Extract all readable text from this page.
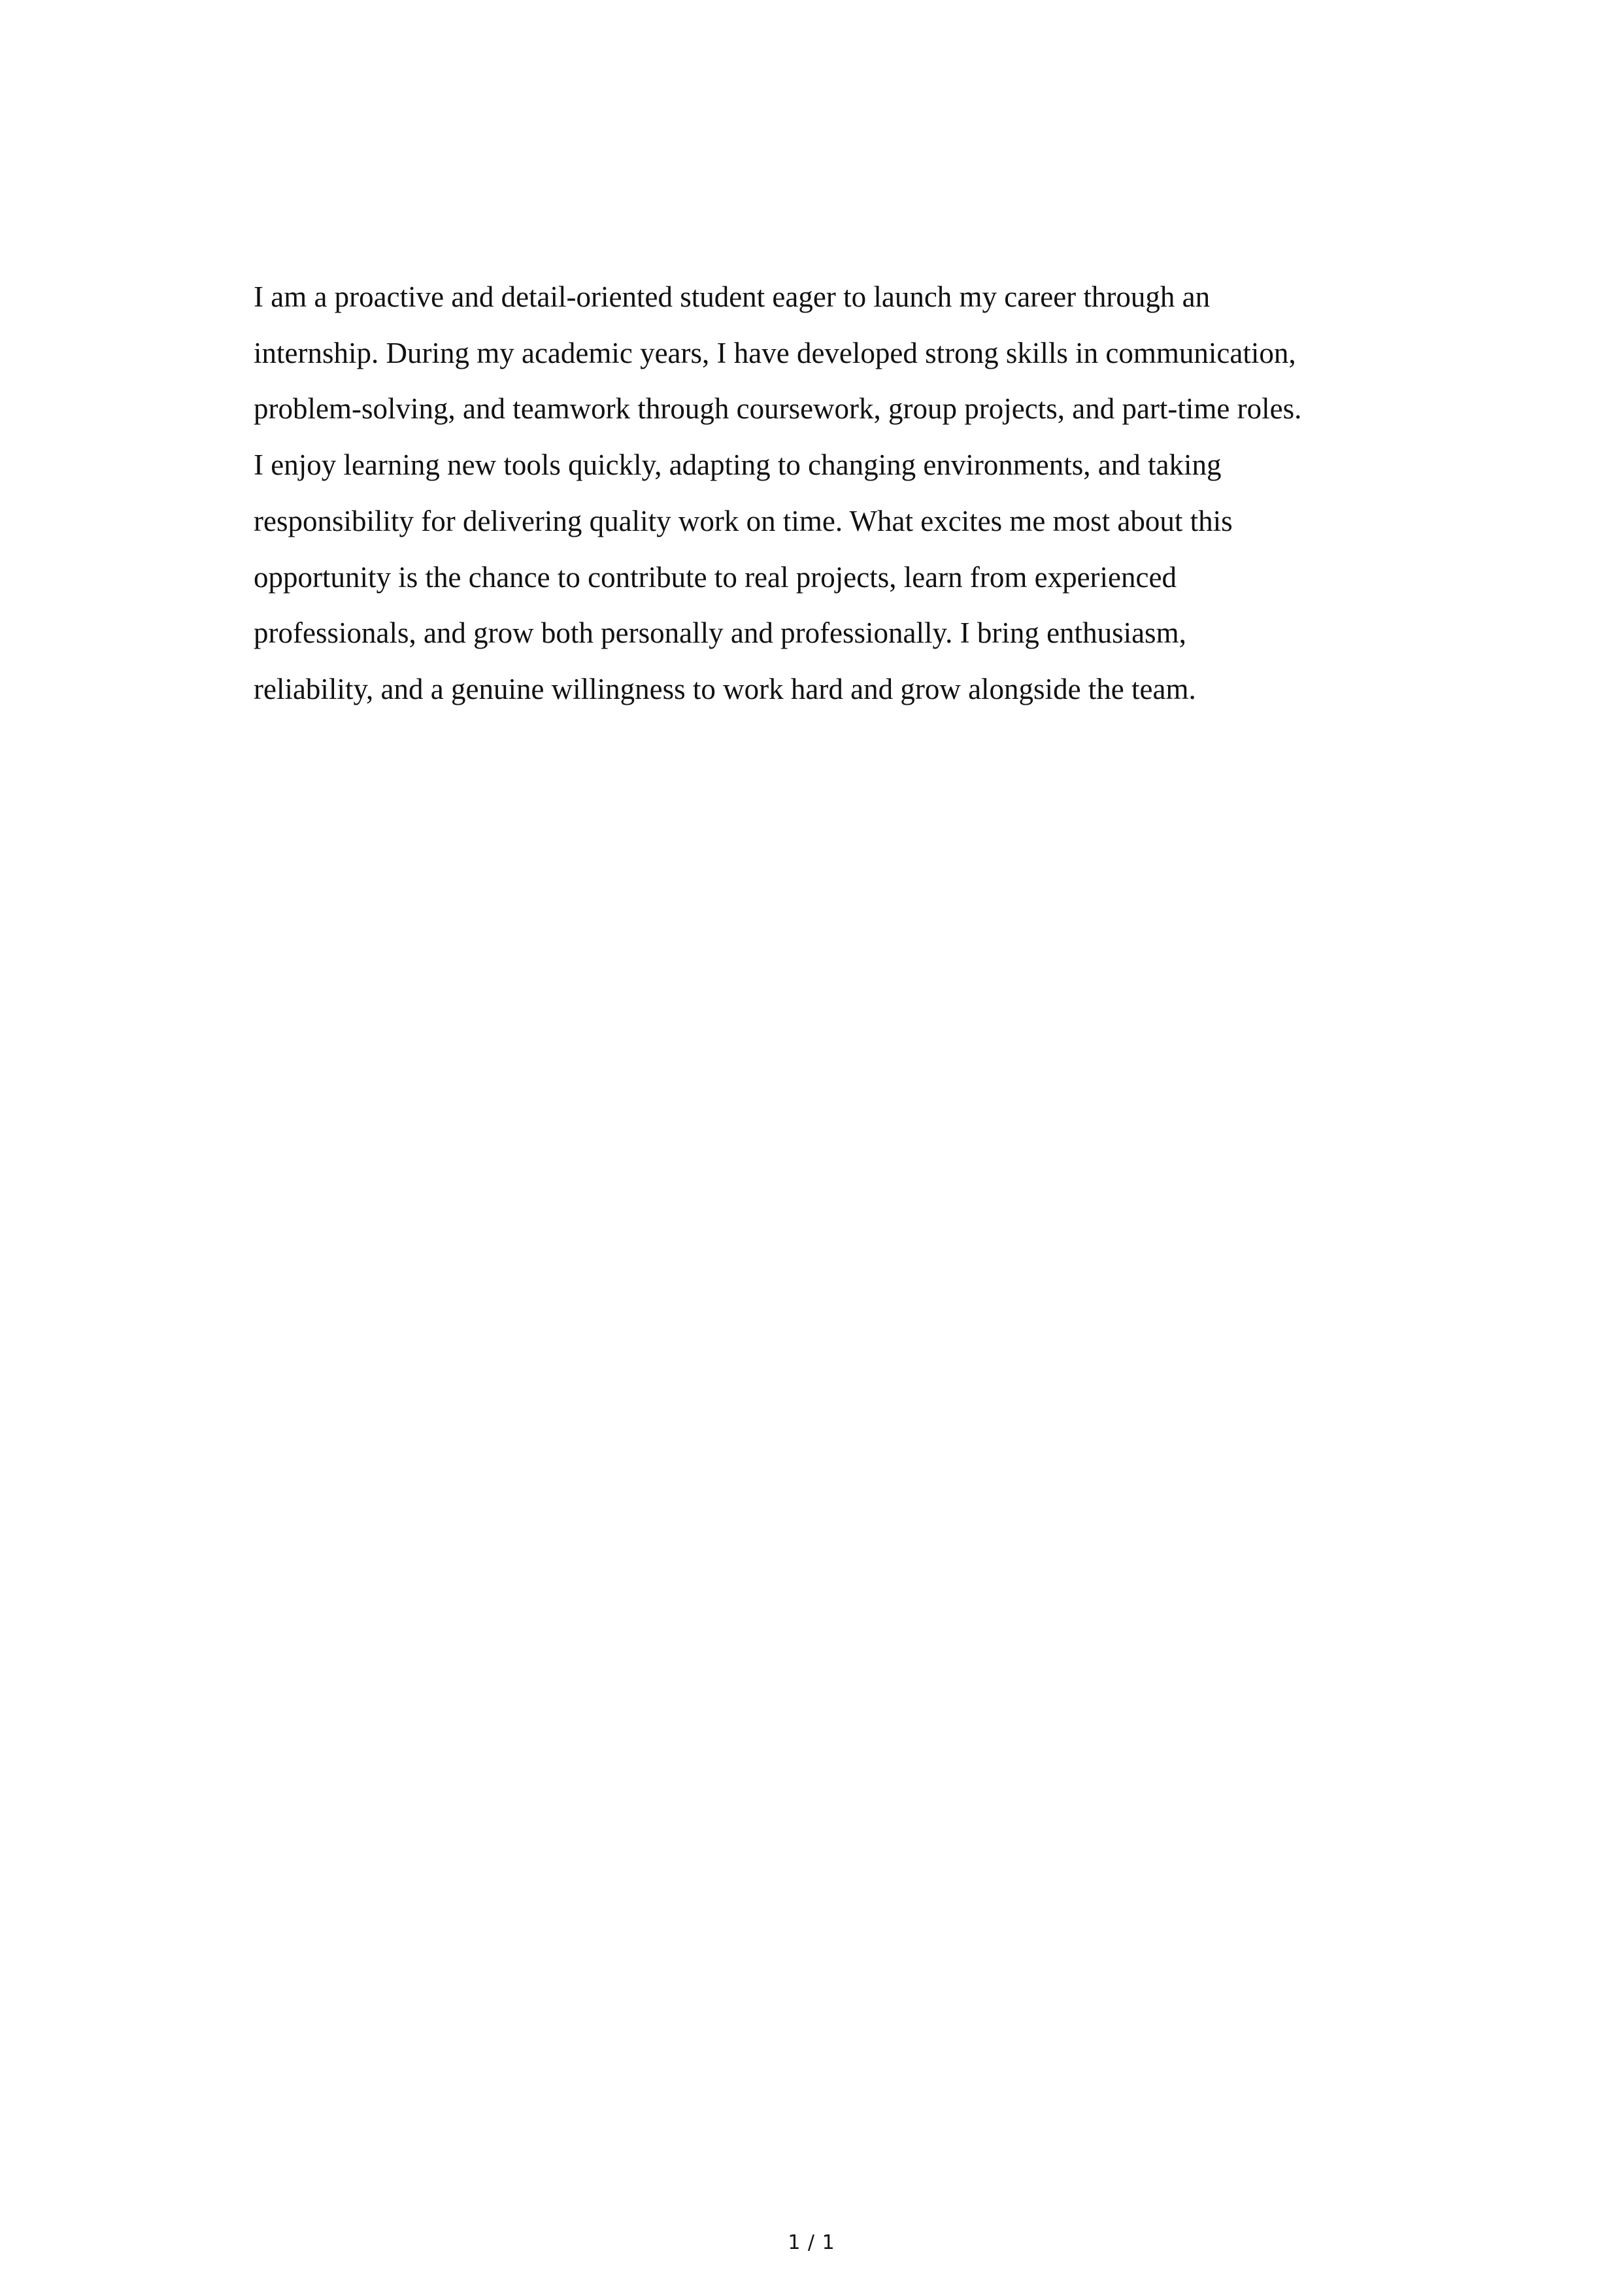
I am a proactive and detail-oriented student eager to launch my career through an
internship. During my academic years, I have developed strong skills in communication,
problem-solving, and teamwork through coursework, group projects, and part-time roles.
I enjoy learning new tools quickly, adapting to changing environments, and taking
responsibility for delivering quality work on time. What excites me most about this
opportunity is the chance to contribute to real projects, learn from experienced
professionals, and grow both personally and professionally. I bring enthusiasm,
reliability, and a genuine willingness to work hard and grow alongside the team.

1 / 1
